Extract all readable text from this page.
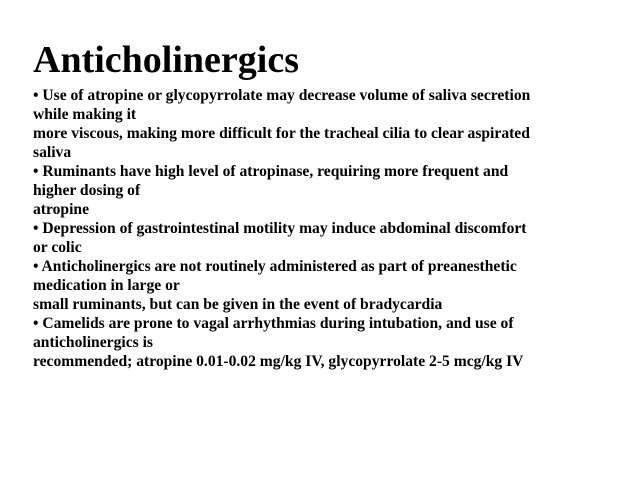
Anticholinergics
• Use of atropine or glycopyrrolate may decrease volume of saliva secretion
while making it
more viscous, making more difficult for the tracheal cilia to clear aspirated
saliva
• Ruminants have high level of atropinase, requiring more frequent and
higher dosing of
atropine
• Depression of gastrointestinal motility may induce abdominal discomfort
or colic
• Anticholinergics are not routinely administered as part of preanesthetic
medication in large or
small ruminants, but can be given in the event of bradycardia
• Camelids are prone to vagal arrhythmias during intubation, and use of
anticholinergics is
recommended; atropine 0.01-0.02 mg/kg IV, glycopyrrolate 2-5 mcg/kg IV
